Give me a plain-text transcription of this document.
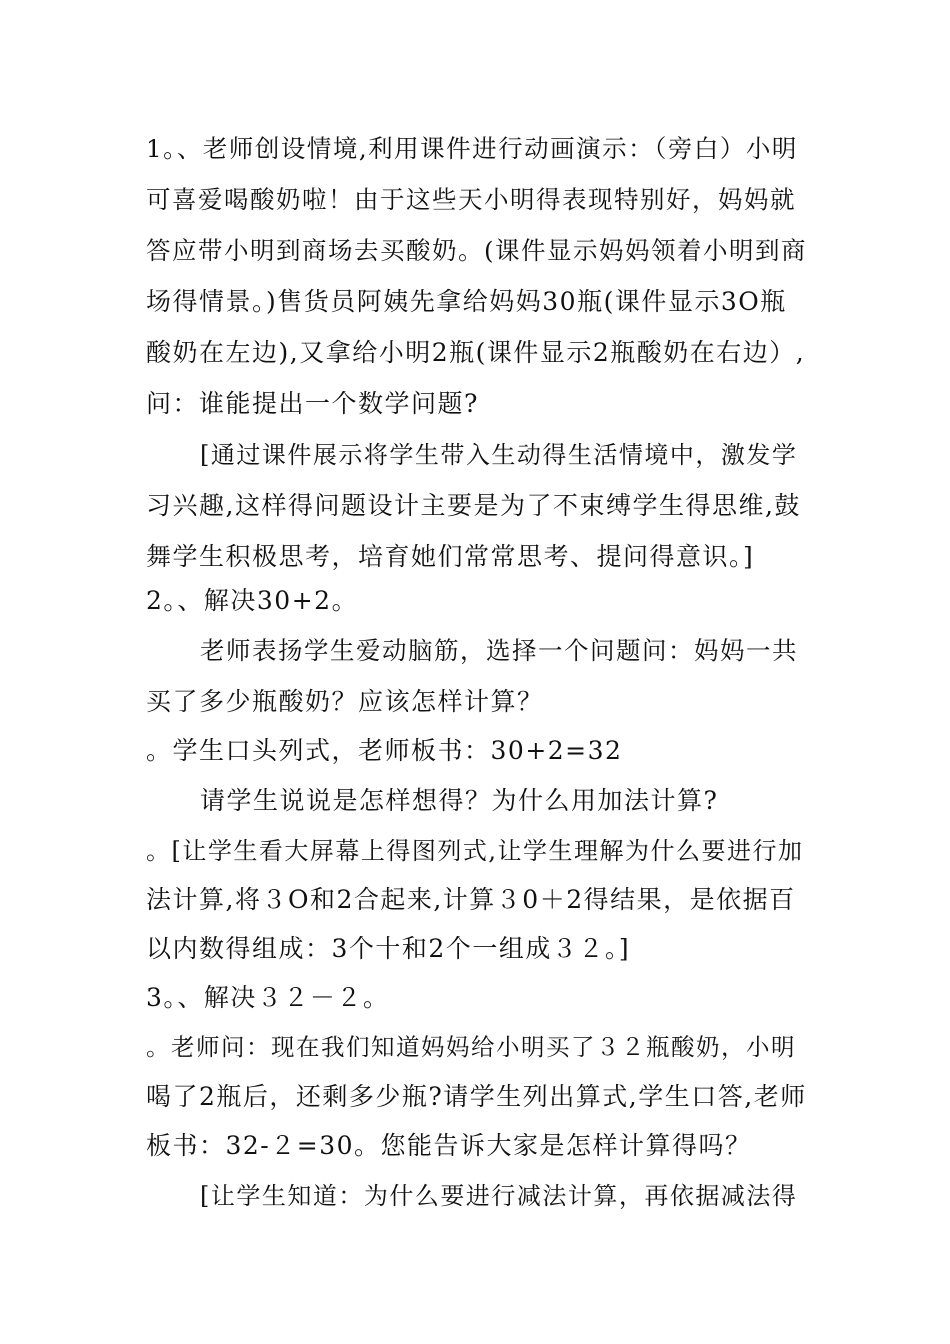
1。、老师创设情境,利用课件进行动画演示：（旁白）小明
可喜爱喝酸奶啦！由于这些天小明得表现特别好，妈妈就
答应带小明到商场去买酸奶。(课件显示妈妈领着小明到商
场得情景。)售货员阿姨先拿给妈妈30瓶(课件显示3O瓶
酸奶在左边),又拿给小明2瓶(课件显示2瓶酸奶在右边）,
问：谁能提出一个数学问题?
[通过课件展示将学生带入生动得生活情境中，激发学
习兴趣,这样得问题设计主要是为了不束缚学生得思维,鼓
舞学生积极思考，培育她们常常思考、提问得意识。]
2。、解决30+2。
老师表扬学生爱动脑筋，选择一个问题问：妈妈一共
买了多少瓶酸奶？应该怎样计算？
。学生口头列式，老师板书：30+2=32
请学生说说是怎样想得？为什么用加法计算?
。[让学生看大屏幕上得图列式,让学生理解为什么要进行加
法计算,将３O和2合起来,计算３0＋2得结果，是依据百
以内数得组成：3个十和2个一组成３２。]
3。、解决３２－２。
。老师问：现在我们知道妈妈给小明买了３２瓶酸奶，小明
喝了2瓶后，还剩多少瓶?请学生列出算式,学生口答,老师
板书：32-２=30。您能告诉大家是怎样计算得吗？
[让学生知道：为什么要进行减法计算，再依据减法得
